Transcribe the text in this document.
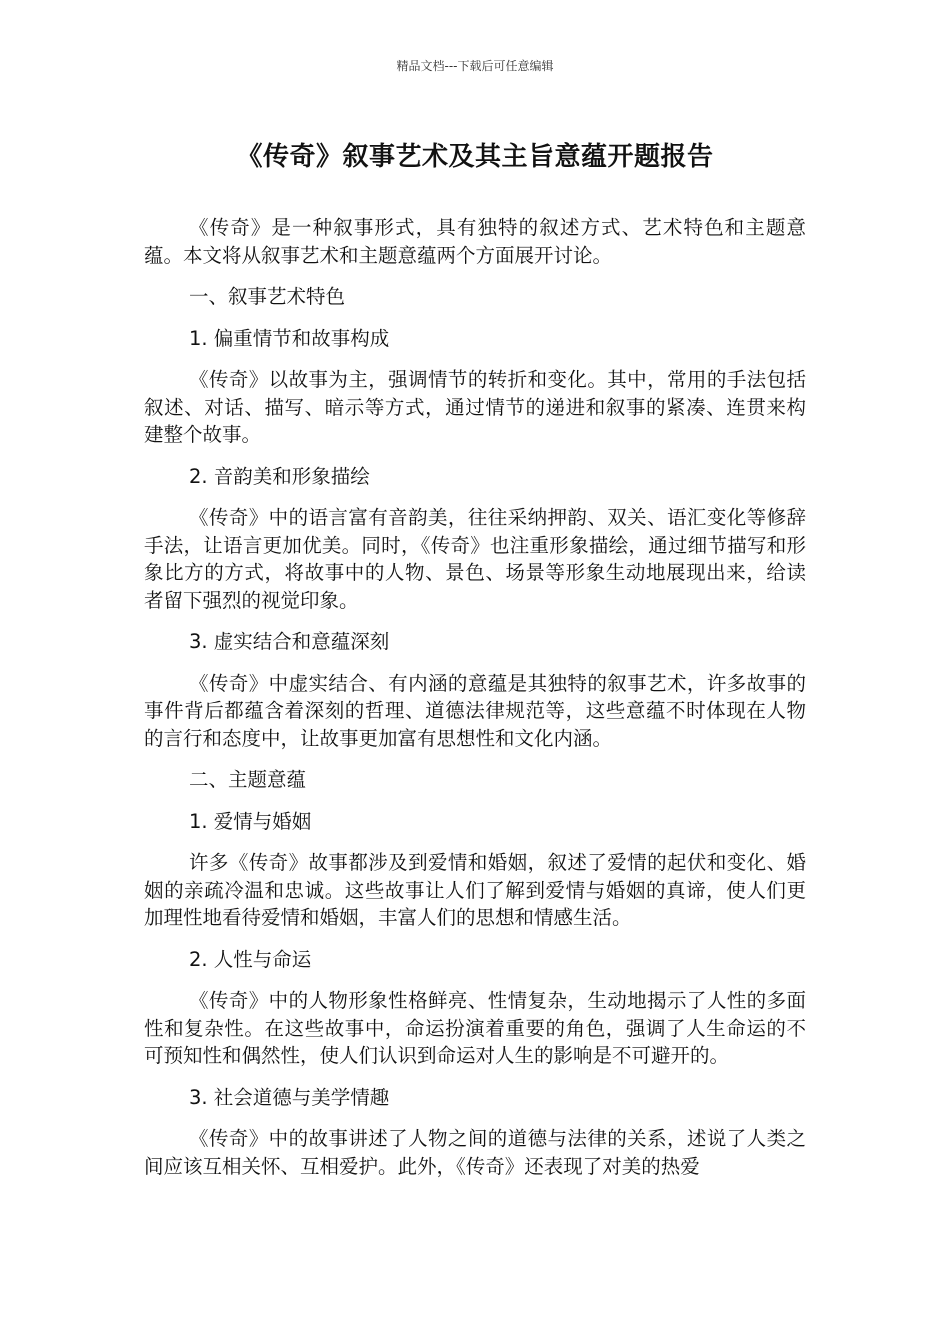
精品文档---下载后可任意编辑
《传奇》叙事艺术及其主旨意蕴开题报告

《传奇》是一种叙事形式，具有独特的叙述方式、艺术特色和主题意蕴。本文将从叙事艺术和主题意蕴两个方面展开讨论。

一、叙事艺术特色

1. 偏重情节和故事构成

《传奇》以故事为主，强调情节的转折和变化。其中，常用的手法包括叙述、对话、描写、暗示等方式，通过情节的递进和叙事的紧凑、连贯来构建整个故事。

2. 音韵美和形象描绘

《传奇》中的语言富有音韵美，往往采纳押韵、双关、语汇变化等修辞手法，让语言更加优美。同时，《传奇》也注重形象描绘，通过细节描写和形象比方的方式，将故事中的人物、景色、场景等形象生动地展现出来，给读者留下强烈的视觉印象。

3. 虚实结合和意蕴深刻

《传奇》中虚实结合、有内涵的意蕴是其独特的叙事艺术，许多故事的事件背后都蕴含着深刻的哲理、道德法律规范等，这些意蕴不时体现在人物的言行和态度中，让故事更加富有思想性和文化内涵。

二、主题意蕴

1. 爱情与婚姻

许多《传奇》故事都涉及到爱情和婚姻，叙述了爱情的起伏和变化、婚姻的亲疏冷温和忠诚。这些故事让人们了解到爱情与婚姻的真谛，使人们更加理性地看待爱情和婚姻，丰富人们的思想和情感生活。

2. 人性与命运

《传奇》中的人物形象性格鲜亮、性情复杂，生动地揭示了人性的多面性和复杂性。在这些故事中，命运扮演着重要的角色，强调了人生命运的不可预知性和偶然性，使人们认识到命运对人生的影响是不可避开的。

3. 社会道德与美学情趣

《传奇》中的故事讲述了人物之间的道德与法律的关系，述说了人类之间应该互相关怀、互相爱护。此外，《传奇》还表现了对美的热爱
